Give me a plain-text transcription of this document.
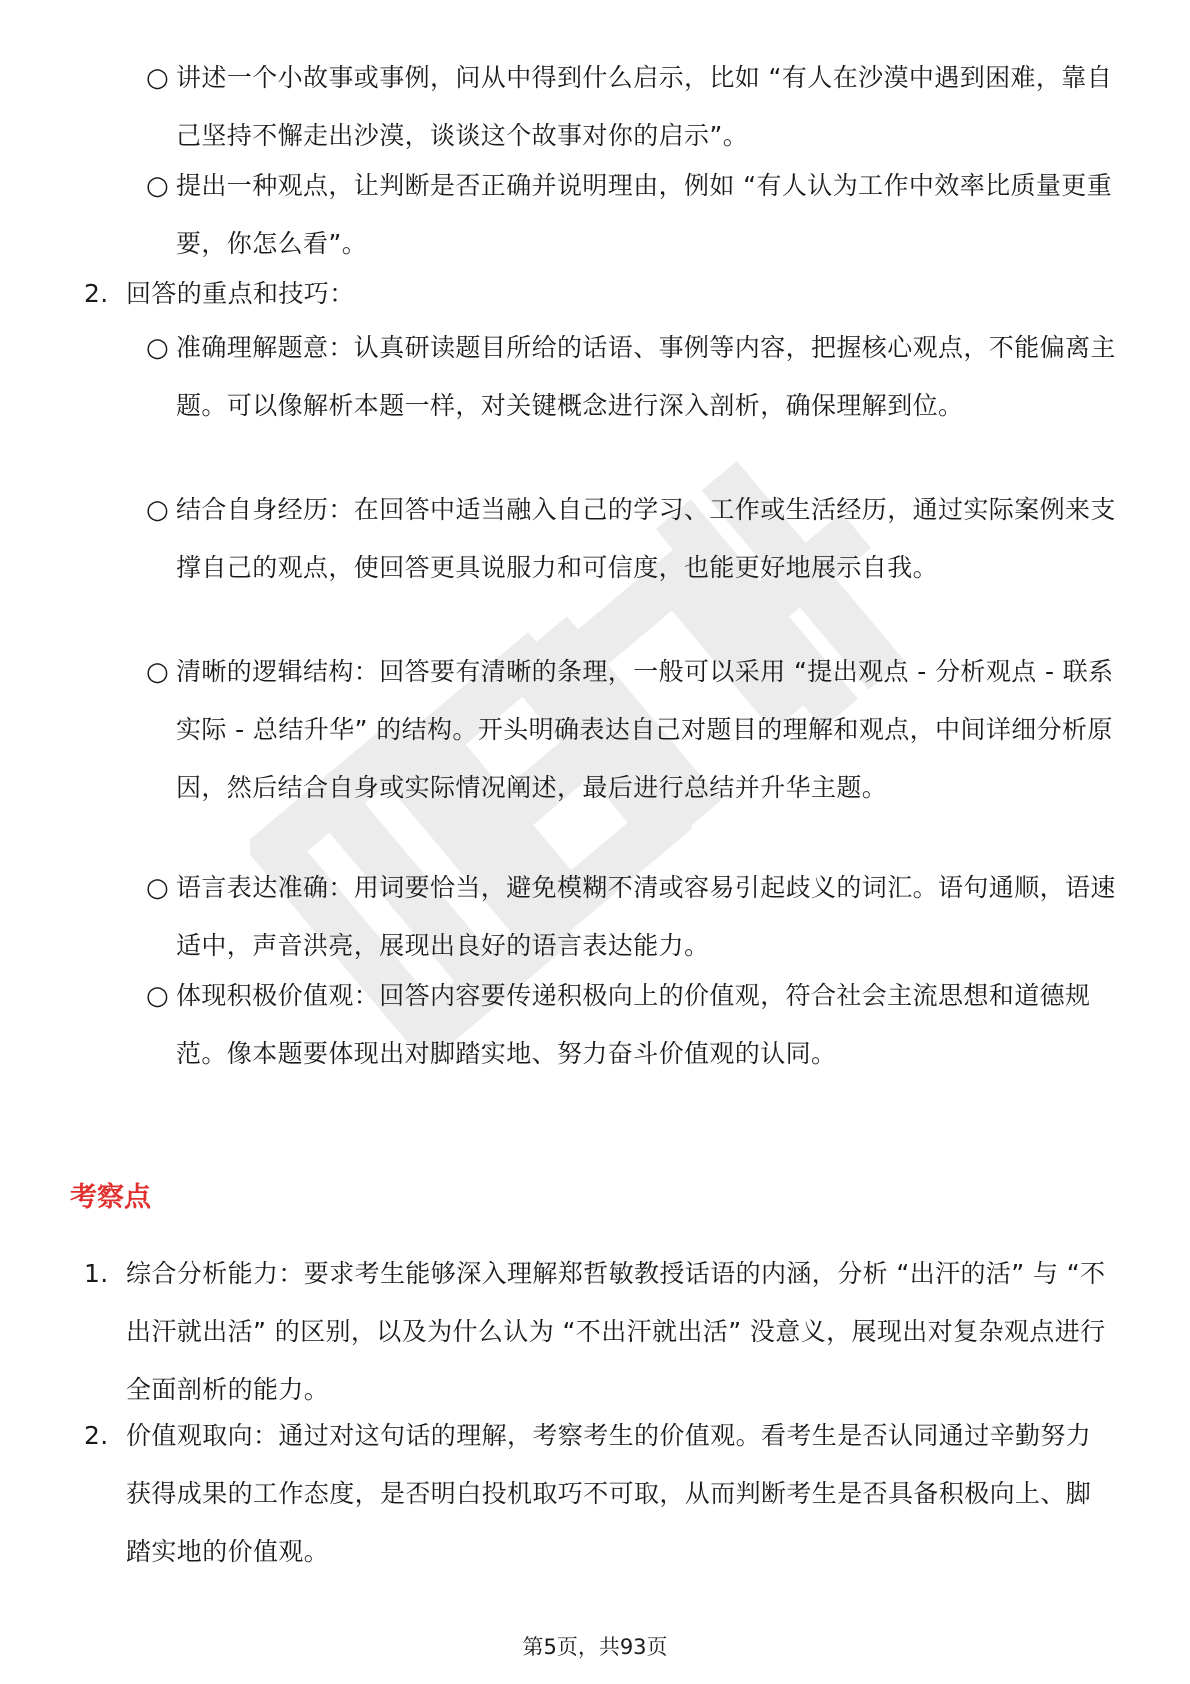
○ 讲述一个小故事或事例，问从中得到什么启示，比如 “有人在沙漠中遇到困难，靠自己坚持不懈走出沙漠，谈谈这个故事对你的启示”。
○ 提出一种观点，让判断是否正确并说明理由，例如 “有人认为工作中效率比质量更重要，你怎么看”。
2. 回答的重点和技巧：
○ 准确理解题意：认真研读题目所给的话语、事例等内容，把握核心观点，不能偏离主题。可以像解析本题一样，对关键概念进行深入剖析，确保理解到位。
○ 结合自身经历：在回答中适当融入自己的学习、工作或生活经历，通过实际案例来支撑自己的观点，使回答更具说服力和可信度，也能更好地展示自我。
○ 清晰的逻辑结构：回答要有清晰的条理，一般可以采用 “提出观点 - 分析观点 - 联系实际 - 总结升华” 的结构。开头明确表达自己对题目的理解和观点，中间详细分析原因，然后结合自身或实际情况阐述，最后进行总结并升华主题。
○ 语言表达准确：用词要恰当，避免模糊不清或容易引起歧义的词汇。语句通顺，语速适中，声音洪亮，展现出良好的语言表达能力。
○ 体现积极价值观：回答内容要传递积极向上的价值观，符合社会主流思想和道德规范。像本题要体现出对脚踏实地、努力奋斗价值观的认同。
考察点
1. 综合分析能力：要求考生能够深入理解郑哲敏教授话语的内涵，分析 “出汗的活” 与 “不出汗就出活” 的区别，以及为什么认为 “不出汗就出活” 没意义，展现出对复杂观点进行全面剖析的能力。
2. 价值观取向：通过对这句话的理解，考察考生的价值观。看考生是否认同通过辛勤努力获得成果的工作态度，是否明白投机取巧不可取，从而判断考生是否具备积极向上、脚踏实地的价值观。
第5页，共93页
